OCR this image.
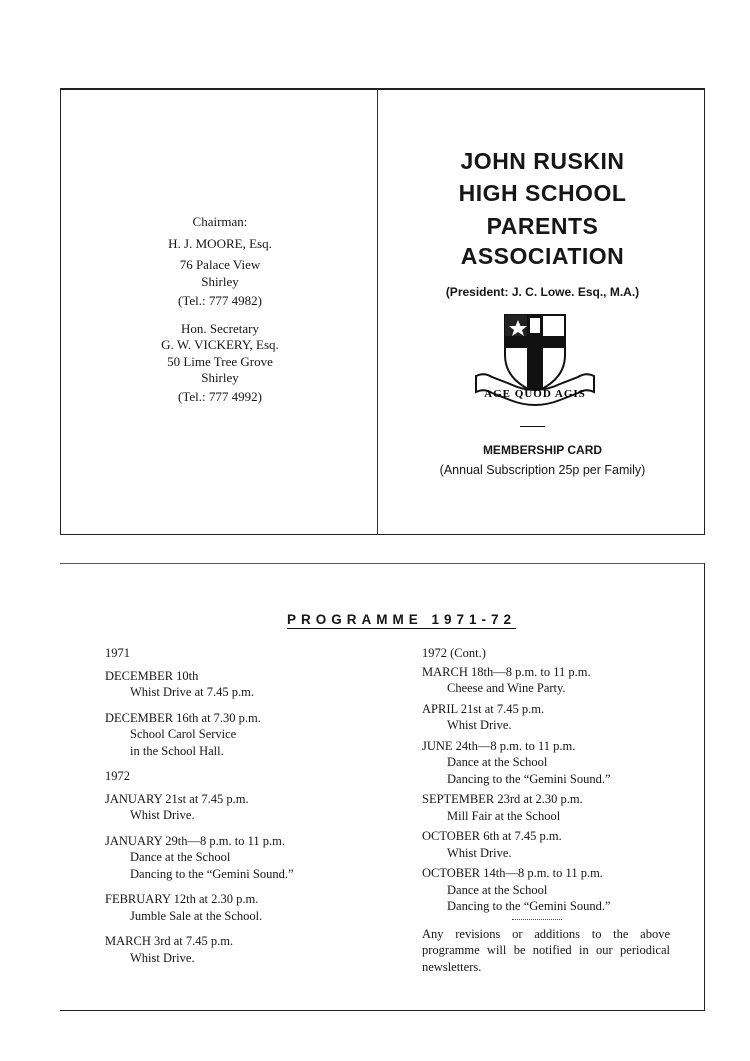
Chairman:
H. J. MOORE, Esq.
76 Palace View
Shirley
(Tel.: 777 4982)
Hon. Secretary
G. W. VICKERY, Esq.
50 Lime Tree Grove
Shirley
(Tel.: 777 4992)
JOHN RUSKIN
HIGH SCHOOL
PARENTS
ASSOCIATION
(President: J. C. Lowe. Esq., M.A.)
AGE QUOD AGIS
MEMBERSHIP CARD
(Annual Subscription 25p per Family)
PROGRAMME 1971-72
1971
DECEMBER 10th
Whist Drive at 7.45 p.m.
DECEMBER 16th at 7.30 p.m.
School Carol Service
in the School Hall.
1972
JANUARY 21st at 7.45 p.m.
Whist Drive.
JANUARY 29th—8 p.m. to 11 p.m.
Dance at the School
Dancing to the “Gemini Sound.”
FEBRUARY 12th at 2.30 p.m.
Jumble Sale at the School.
MARCH 3rd at 7.45 p.m.
Whist Drive.
1972 (Cont.)
MARCH 18th—8 p.m. to 11 p.m.
Cheese and Wine Party.
APRIL 21st at 7.45 p.m.
Whist Drive.
JUNE 24th—8 p.m. to 11 p.m.
Dance at the School
Dancing to the “Gemini Sound.”
SEPTEMBER 23rd at 2.30 p.m.
Mill Fair at the School
OCTOBER 6th at 7.45 p.m.
Whist Drive.
OCTOBER 14th—8 p.m. to 11 p.m.
Dance at the School
Dancing to the “Gemini Sound.”
Any revisions or additions to the above programme will be notified in our periodical newsletters.
